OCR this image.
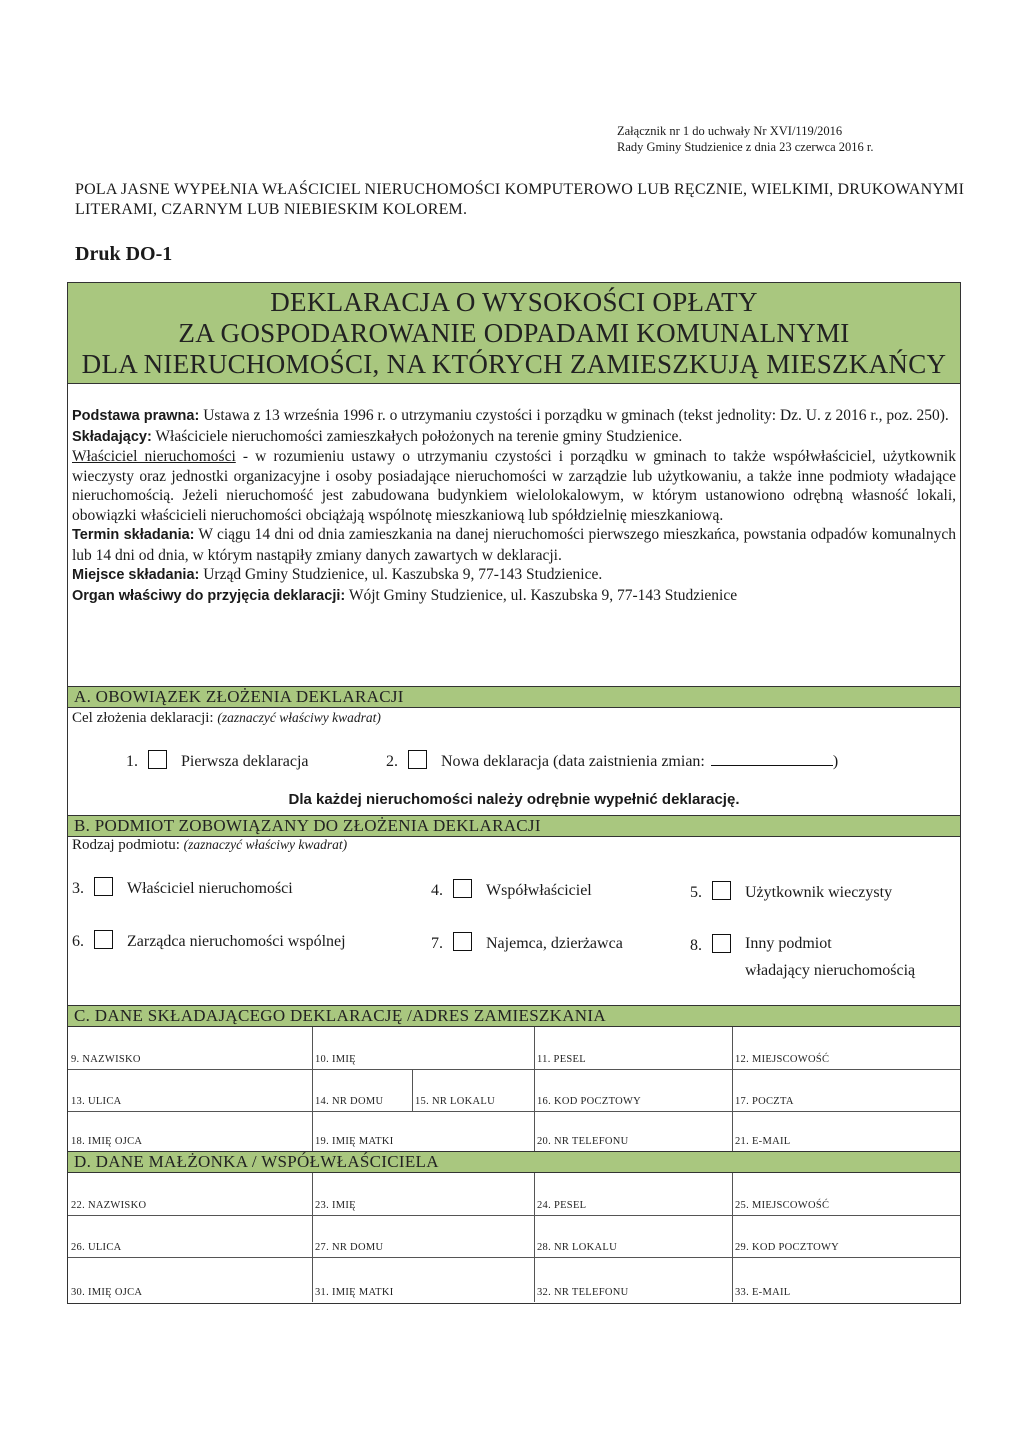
Załącznik nr 1 do uchwały Nr XVI/119/2016
Rady Gminy Studzienice z dnia 23 czerwca 2016 r.
POLA JASNE WYPEŁNIA WŁAŚCICIEL NIERUCHOMOŚCI KOMPUTEROWO LUB RĘCZNIE, WIELKIMI, DRUKOWANYMI LITERAMI, CZARNYM LUB NIEBIESKIM KOLOREM.
Druk DO-1
DEKLARACJA O WYSOKOŚCI OPŁATY
ZA GOSPODAROWANIE ODPADAMI KOMUNALNYMI
DLA NIERUCHOMOŚCI, NA KTÓRYCH ZAMIESZKUJĄ MIESZKAŃCY

Podstawa prawna: Ustawa z 13 września 1996 r. o utrzymaniu czystości i porządku w gminach (tekst jednolity: Dz. U. z 2016 r., poz. 250).

Składający: Właściciele nieruchomości zamieszkałych położonych na terenie gminy Studzienice.

Właściciel nieruchomości - w rozumieniu ustawy o utrzymaniu czystości i porządku w gminach to także współwłaściciel, użytkownik wieczysty oraz jednostki organizacyjne i osoby posiadające nieruchomości w zarządzie lub użytkowaniu, a także inne podmioty władające nieruchomością. Jeżeli nieruchomość jest zabudowana budynkiem wielolokalowym, w którym ustanowiono odrębną własność lokali, obowiązki właścicieli nieruchomości obciążają wspólnotę mieszkaniową lub spółdzielnię mieszkaniową.

Termin składania: W ciągu 14 dni od dnia zamieszkania na danej nieruchomości pierwszego mieszkańca, powstania odpadów komunalnych lub 14 dni od dnia, w którym nastąpiły zmiany danych zawartych w deklaracji.

Miejsce składania: Urząd Gminy Studzienice, ul. Kaszubska 9, 77-143 Studzienice.

Organ właściwy do przyjęcia deklaracji: Wójt Gminy Studzienice, ul. Kaszubska 9, 77-143 Studzienice

A. OBOWIĄZEK ZŁOŻENIA DEKLARACJI
Cel złożenia deklaracji: (zaznaczyć właściwy kwadrat)
1.	Pierwsza deklaracja	2.	Nowa deklaracja (data zaistnienia zmian:	)
Dla każdej nieruchomości należy odrębnie wypełnić deklarację.
B. PODMIOT ZOBOWIĄZANY DO ZŁOŻENIA DEKLARACJI
Rodzaj podmiotu: (zaznaczyć właściwy kwadrat)
3.	Właściciel nieruchomości	4.	Współwłaściciel	5.	Użytkownik wieczysty
6.	Zarządca nieruchomości wspólnej	7.	Najemca, dzierżawca	8.	Inny podmiot
władający nieruchomością
C. DANE SKŁADAJĄCEGO DEKLARACJĘ /ADRES ZAMIESZKANIA
9. NAZWISKO	10. IMIĘ	11. PESEL	12. MIEJSCOWOŚĆ
13. ULICA	14. NR DOMU	15. NR LOKALU	16. KOD POCZTOWY	17. POCZTA
18. IMIĘ OJCA	19. IMIĘ MATKI	20. NR TELEFONU	21. E-MAIL
D. DANE MAŁŻONKA / WSPÓŁWŁAŚCICIELA
22. NAZWISKO	23. IMIĘ	24. PESEL	25. MIEJSCOWOŚĆ
26. ULICA	27. NR DOMU	28. NR LOKALU	29. KOD POCZTOWY
30. IMIĘ OJCA	31. IMIĘ MATKI	32. NR TELEFONU	33. E-MAIL
